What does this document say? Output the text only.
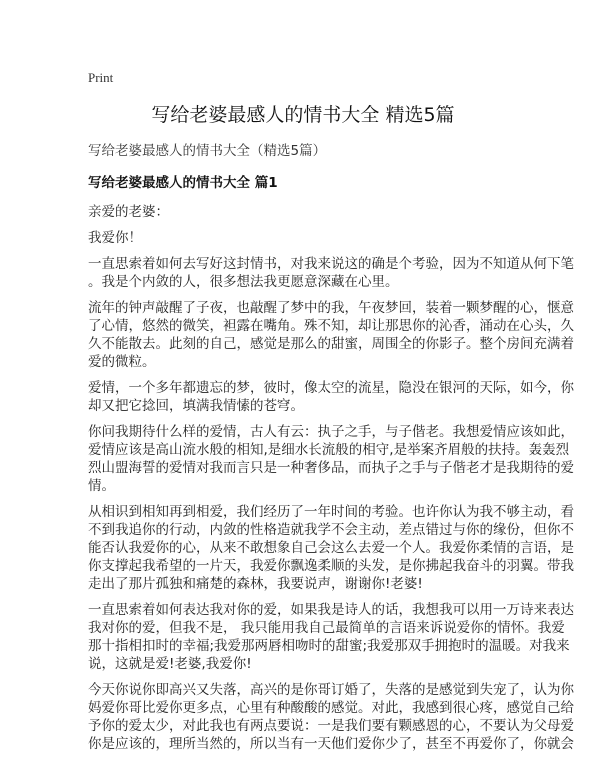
Print
写给老婆最感人的情书大全 精选5篇
写给老婆最感人的情书大全（精选5篇）
写给老婆最感人的情书大全 篇1

亲爱的老婆：

我爱你！

一直思索着如何去写好这封情书，对我来说这的确是个考验，因为不知道从何下笔
。我是个内敛的人，很多想法我更愿意深藏在心里。

流年的钟声敲醒了子夜，也敲醒了梦中的我，午夜梦回，装着一颗梦醒的心，惬意
了心情，悠然的微笑，袒露在嘴角。殊不知，却让那思你的沁香，涌动在心头，久
久不能散去。此刻的自己，感觉是那么的甜蜜，周围全的你影子。整个房间充满着
爱的微粒。

爱情，一个多年都遗忘的梦，彼时，像太空的流星，隐没在银河的天际，如今，你
却又把它捻回，填满我情愫的苍穹。

你问我期待什么样的爱情，古人有云：执子之手，与子偕老。我想爱情应该如此，
爱情应该是高山流水般的相知,是细水长流般的相守,是举案齐眉般的扶持。轰轰烈
烈山盟海誓的爱情对我而言只是一种奢侈品，而执子之手与子偕老才是我期待的爱
情。

从相识到相知再到相爱，我们经历了一年时间的考验。也许你认为我不够主动，看
不到我追你的行动，内敛的性格造就我学不会主动，差点错过与你的缘份，但你不
能否认我爱你的心，从来不敢想象自己会这么去爱一个人。我爱你柔情的言语，是
你支撑起我希望的一片天，我爱你飘逸柔顺的头发，是你拂起我奋斗的羽翼。带我
走出了那片孤独和痛楚的森林，我要说声，谢谢你!老婆!

一直思索着如何表达我对你的爱，如果我是诗人的话，我想我可以用一万诗来表达
我对你的爱，但我不是， 我只能用我自己最简单的言语来诉说爱你的情怀。我爱
那十指相扣时的幸福;我爱那两唇相吻时的甜蜜;我爱那双手拥抱时的温暖。对我来
说，这就是爱!老婆,我爱你!

今天你说你即高兴又失落，高兴的是你哥订婚了，失落的是感觉到失宠了，认为你
妈爱你哥比爱你更多点，心里有种酸酸的感觉。对此，我感到很心疼，感觉自己给
予你的爱太少，对此我也有两点要说：一是我们要有颗感恩的心，不要认为父母爱
你是应该的，理所当然的，所以当有一天他们爱你少了，甚至不再爱你了，你就会
